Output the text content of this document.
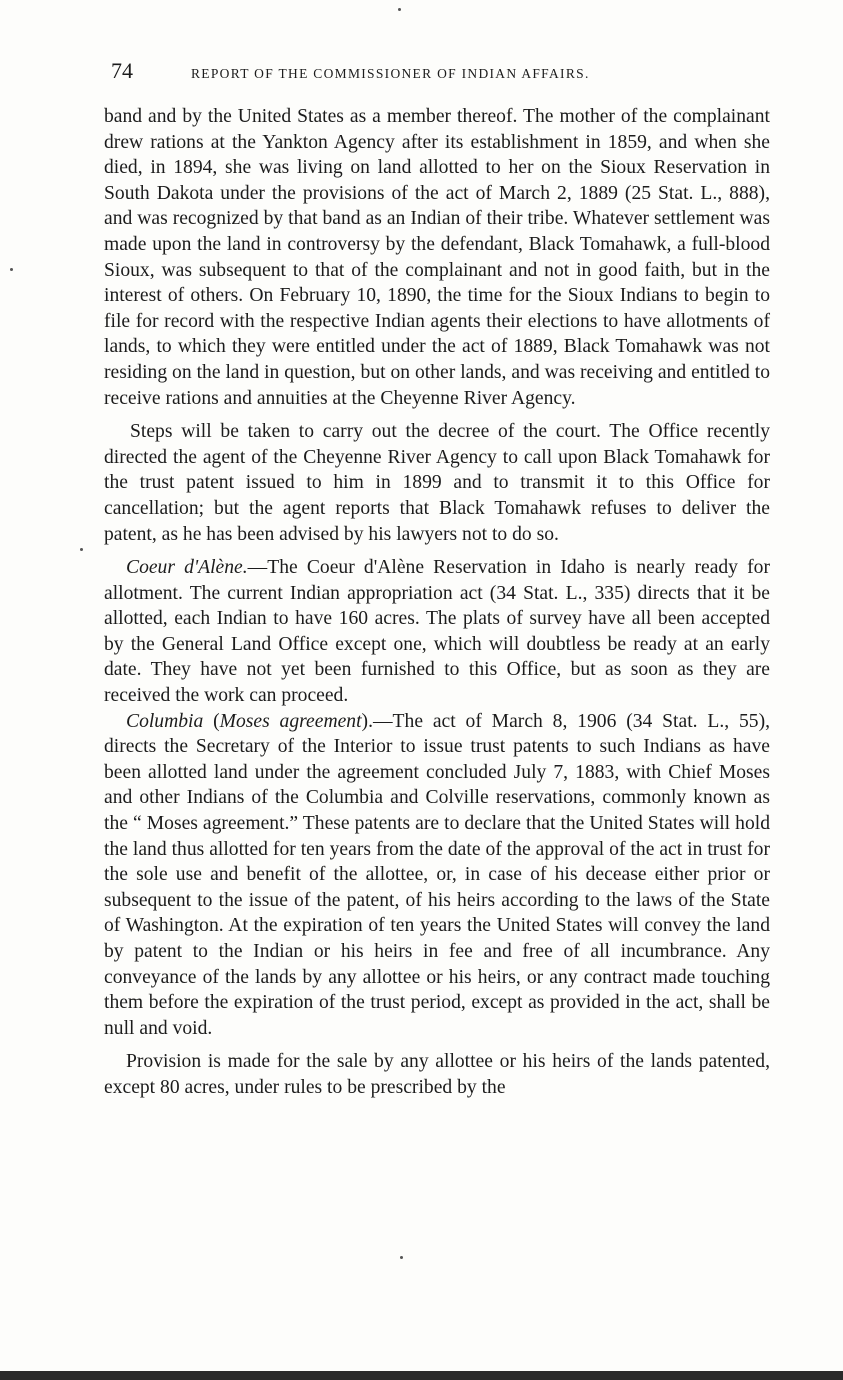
74	REPORT OF THE COMMISSIONER OF INDIAN AFFAIRS.

band and by the United States as a member thereof. The mother of the complainant drew rations at the Yankton Agency after its establishment in 1859, and when she died, in 1894, she was living on land allotted to her on the Sioux Reservation in South Dakota under the provisions of the act of March 2, 1889 (25 Stat. L., 888), and was recognized by that band as an Indian of their tribe. Whatever settlement was made upon the land in controversy by the defendant, Black Tomahawk, a full-blood Sioux, was subsequent to that of the complainant and not in good faith, but in the interest of others. On February 10, 1890, the time for the Sioux Indians to begin to file for record with the respective Indian agents their elections to have allotments of lands, to which they were entitled under the act of 1889, Black Tomahawk was not residing on the land in question, but on other lands, and was receiving and entitled to receive rations and annuities at the Cheyenne River Agency.

Steps will be taken to carry out the decree of the court. The Office recently directed the agent of the Cheyenne River Agency to call upon Black Tomahawk for the trust patent issued to him in 1899 and to transmit it to this Office for cancellation; but the agent reports that Black Tomahawk refuses to deliver the patent, as he has been advised by his lawyers not to do so.

Coeur d'Alène.—The Coeur d'Alène Reservation in Idaho is nearly ready for allotment. The current Indian appropriation act (34 Stat. L., 335) directs that it be allotted, each Indian to have 160 acres. The plats of survey have all been accepted by the General Land Office except one, which will doubtless be ready at an early date. They have not yet been furnished to this Office, but as soon as they are received the work can proceed.

Columbia (Moses agreement).—The act of March 8, 1906 (34 Stat. L., 55), directs the Secretary of the Interior to issue trust patents to such Indians as have been allotted land under the agreement concluded July 7, 1883, with Chief Moses and other Indians of the Columbia and Colville reservations, commonly known as the “ Moses agreement.” These patents are to declare that the United States will hold the land thus allotted for ten years from the date of the approval of the act in trust for the sole use and benefit of the allottee, or, in case of his decease either prior or subsequent to the issue of the patent, of his heirs according to the laws of the State of Washington. At the expiration of ten years the United States will convey the land by patent to the Indian or his heirs in fee and free of all incumbrance. Any conveyance of the lands by any allottee or his heirs, or any contract made touching them before the expiration of the trust period, except as provided in the act, shall be null and void.

Provision is made for the sale by any allottee or his heirs of the lands patented, except 80 acres, under rules to be prescribed by the
